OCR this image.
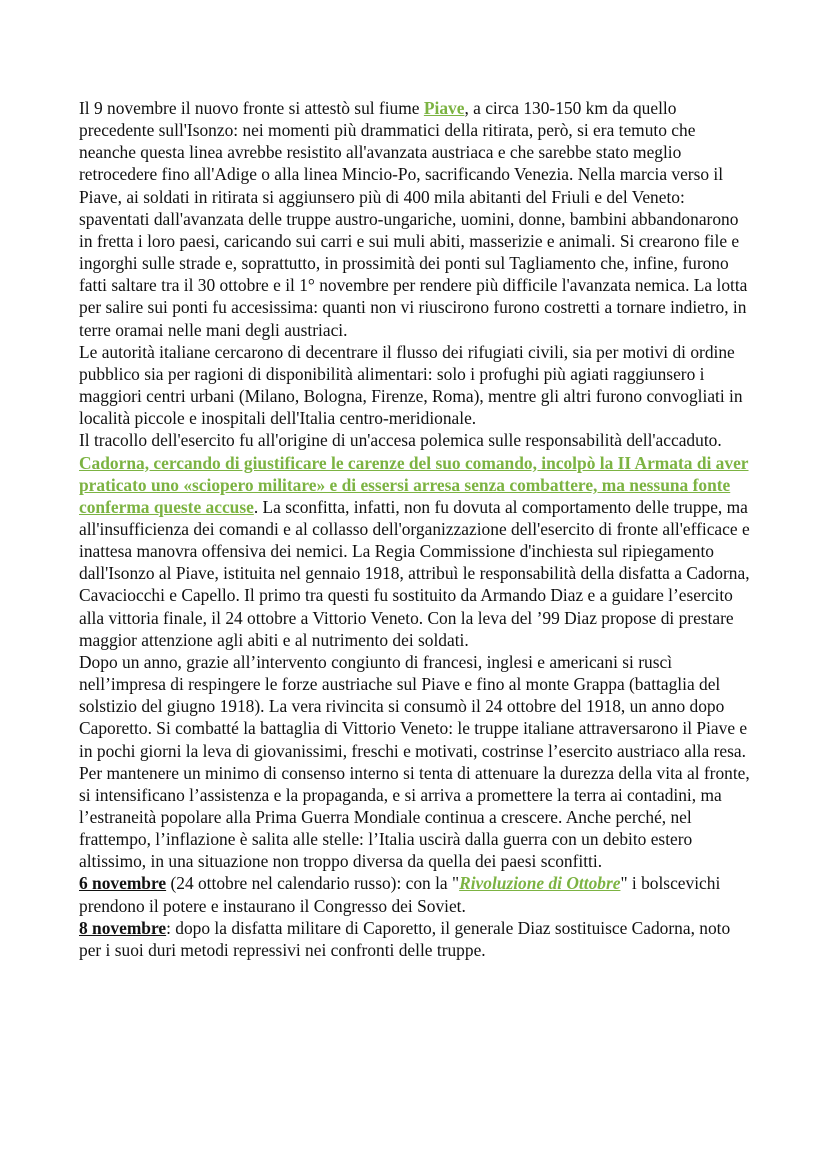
Il 9 novembre il nuovo fronte si attestò sul fiume Piave, a circa 130-150 km da quello precedente sull'Isonzo: nei momenti più drammatici della ritirata, però, si era temuto che neanche questa linea avrebbe resistito all'avanzata austriaca e che sarebbe stato meglio retrocedere fino all'Adige o alla linea Mincio-Po, sacrificando Venezia. Nella marcia verso il Piave, ai soldati in ritirata si aggiunsero più di 400 mila abitanti del Friuli e del Veneto: spaventati dall'avanzata delle truppe austro-ungariche, uomini, donne, bambini abbandonarono in fretta i loro paesi, caricando sui carri e sui muli abiti, masserizie e animali. Si crearono file e ingorghi sulle strade e, soprattutto, in prossimità dei ponti sul Tagliamento che, infine, furono fatti saltare tra il 30 ottobre e il 1° novembre per rendere più difficile l'avanzata nemica. La lotta per salire sui ponti fu accesissima: quanti non vi riuscirono furono costretti a tornare indietro, in terre oramai nelle mani degli austriaci.
Le autorità italiane cercarono di decentrare il flusso dei rifugiati civili, sia per motivi di ordine pubblico sia per ragioni di disponibilità alimentari: solo i profughi più agiati raggiunsero i maggiori centri urbani (Milano, Bologna, Firenze, Roma), mentre gli altri furono convogliati in località piccole e inospitali dell'Italia centro-meridionale.
Il tracollo dell'esercito fu all'origine di un'accesa polemica sulle responsabilità dell'accaduto. Cadorna, cercando di giustificare le carenze del suo comando, incolpò la II Armata di aver praticato uno «sciopero militare» e di essersi arresa senza combattere, ma nessuna fonte conferma queste accuse. La sconfitta, infatti, non fu dovuta al comportamento delle truppe, ma all'insufficienza dei comandi e al collasso dell'organizzazione dell'esercito di fronte all'efficace e inattesa manovra offensiva dei nemici. La Regia Commissione d'inchiesta sul ripiegamento dall'Isonzo al Piave, istituita nel gennaio 1918, attribuì le responsabilità della disfatta a Cadorna, Cavaciocchi e Capello. Il primo tra questi fu sostituito da Armando Diaz e a guidare l’esercito alla vittoria finale, il 24 ottobre a Vittorio Veneto. Con la leva del ’99 Diaz propose di prestare maggior attenzione agli abiti e al nutrimento dei soldati.
Dopo un anno, grazie all’intervento congiunto di francesi, inglesi e americani si ruscì nell’impresa di respingere le forze austriache sul Piave e fino al monte Grappa (battaglia del solstizio del giugno 1918). La vera rivincita si consumò il 24 ottobre del 1918, un anno dopo Caporetto. Si combatté la battaglia di Vittorio Veneto: le truppe italiane attraversarono il Piave e in pochi giorni la leva di giovanissimi, freschi e motivati, costrinse l’esercito austriaco alla resa. Per mantenere un minimo di consenso interno si tenta di attenuare la durezza della vita al fronte, si intensificano l’assistenza e la propaganda, e si arriva a promettere la terra ai contadini, ma l’estraneità popolare alla Prima Guerra Mondiale continua a crescere. Anche perché, nel frattempo, l’inflazione è salita alle stelle: l’Italia uscirà dalla guerra con un debito estero altissimo, in una situazione non troppo diversa da quella dei paesi sconfitti.
6 novembre (24 ottobre nel calendario russo): con la "Rivoluzione di Ottobre" i bolscevichi prendono il potere e instaurano il Congresso dei Soviet.
8 novembre: dopo la disfatta militare di Caporetto, il generale Diaz sostituisce Cadorna, noto per i suoi duri metodi repressivi nei confronti delle truppe.
